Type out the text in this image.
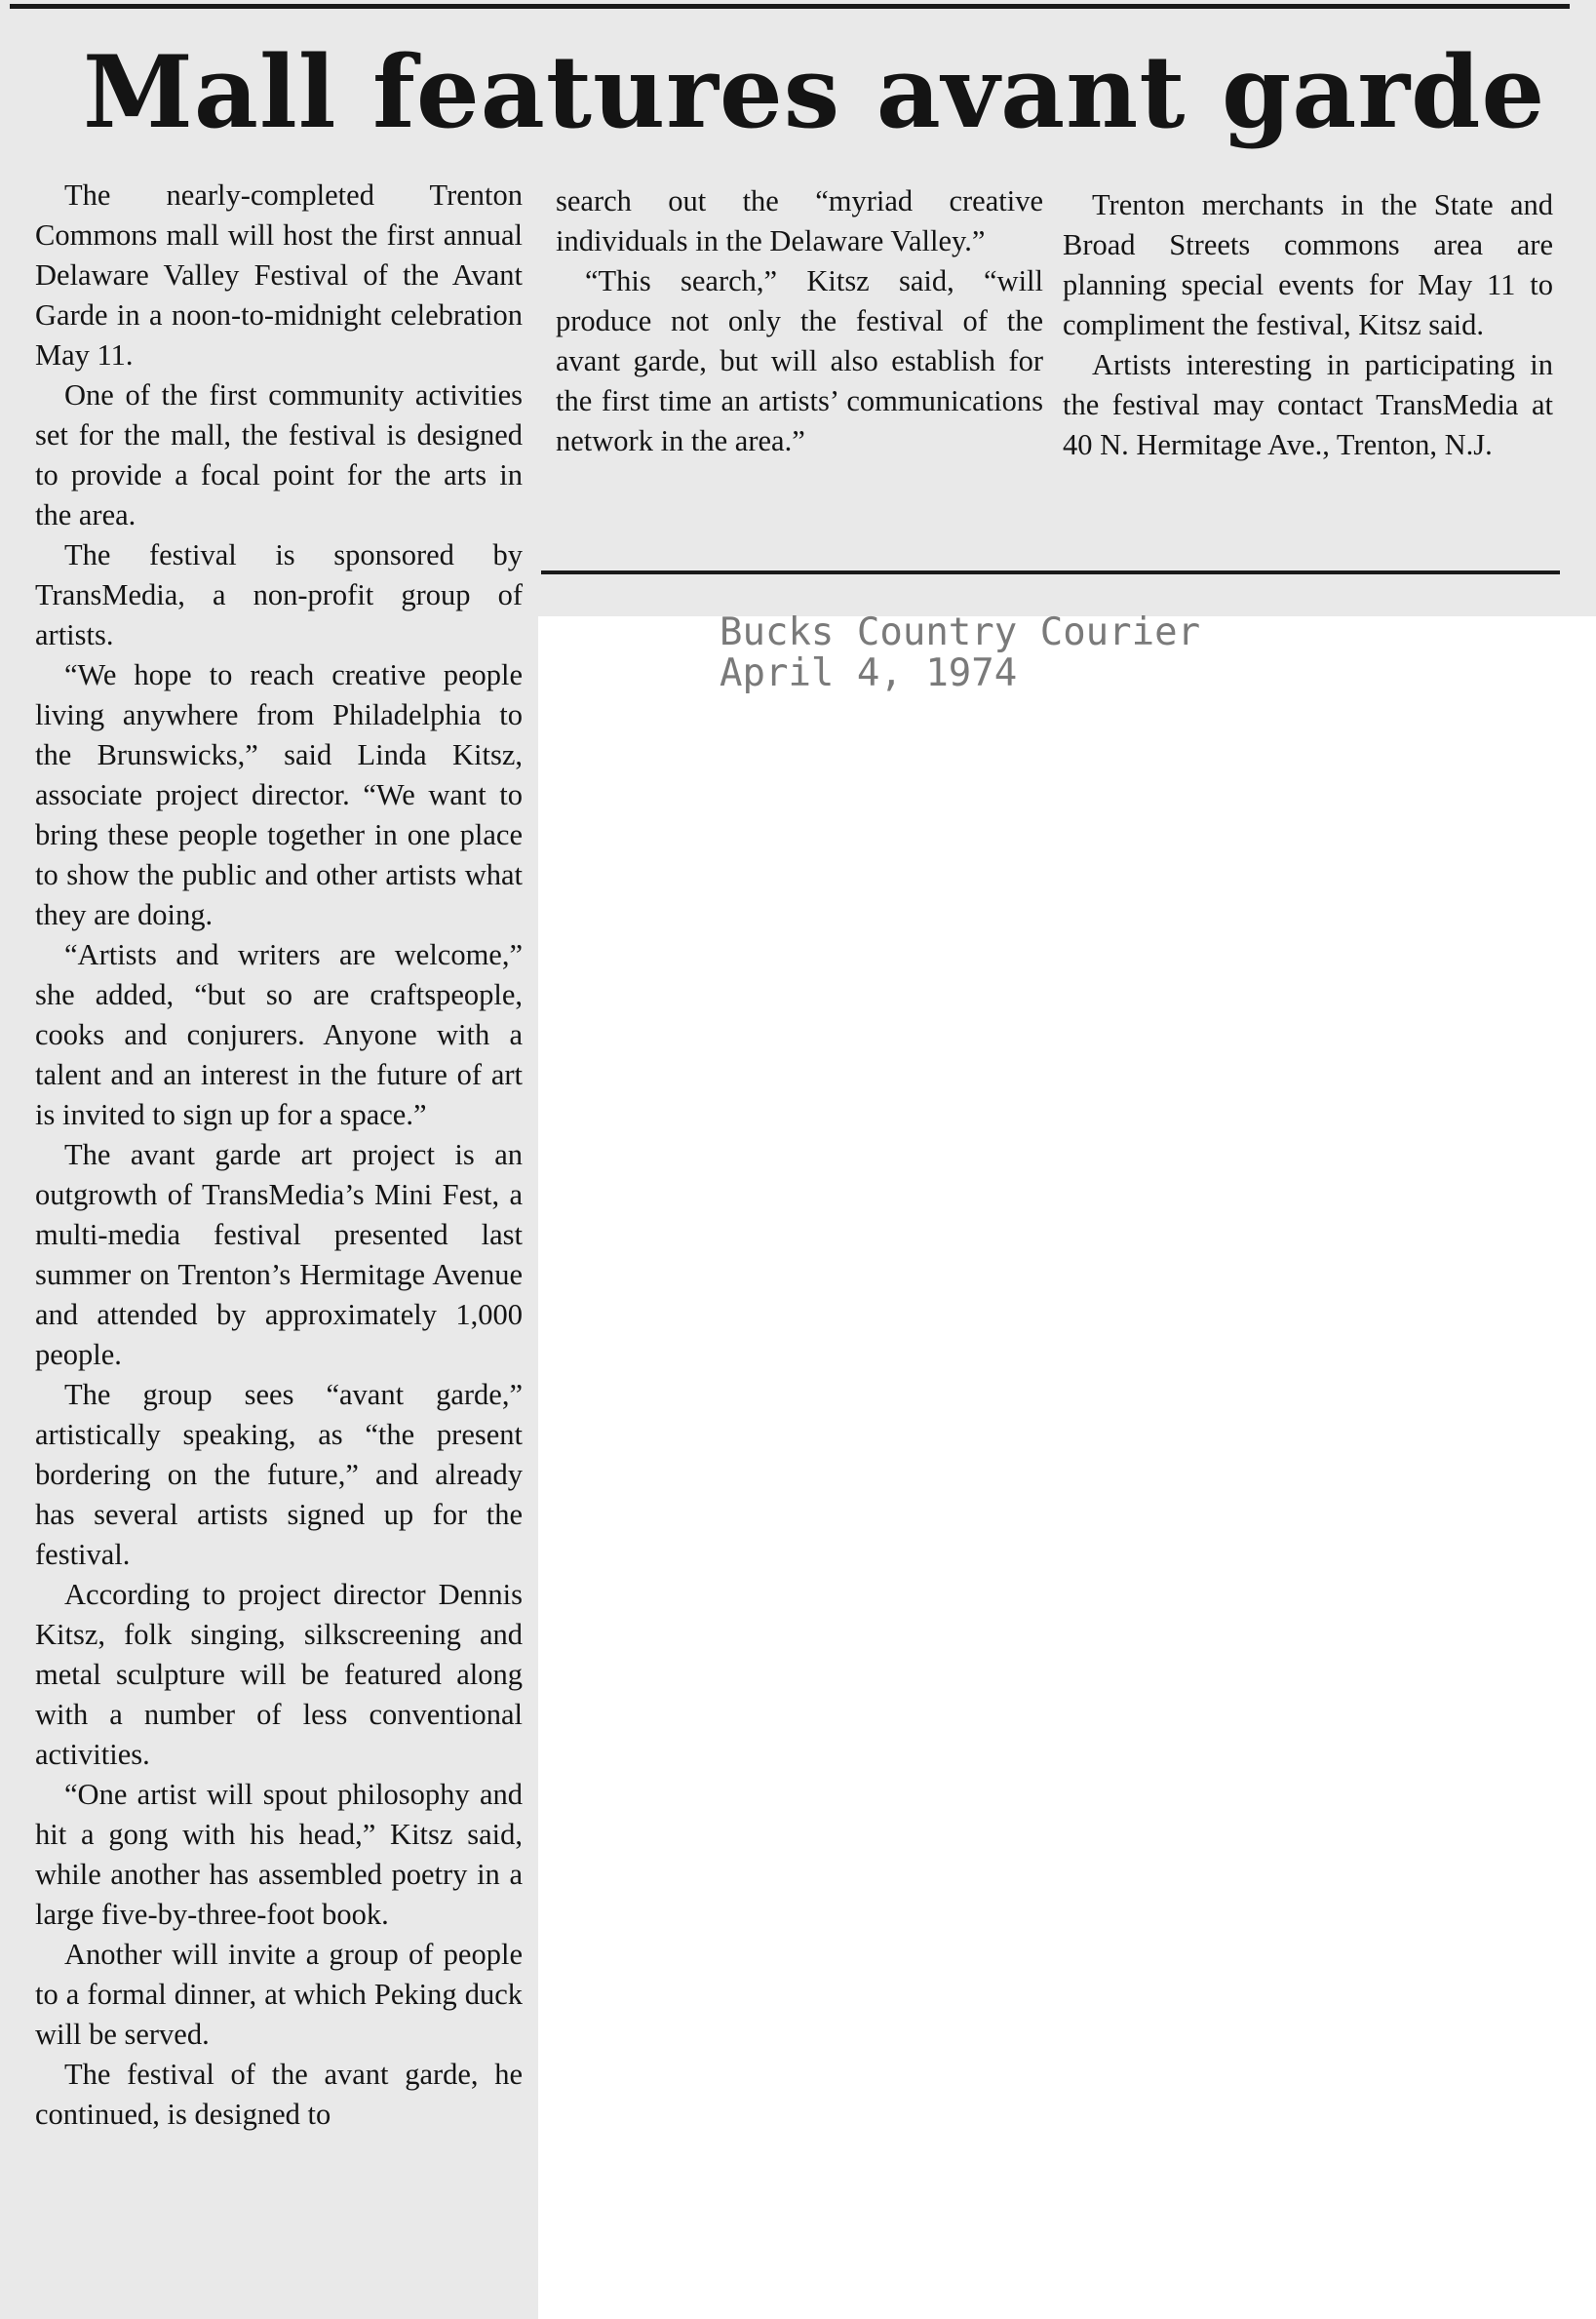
Mall features avant garde

The nearly-completed Trenton Commons mall will host the first annual Delaware Valley Festival of the Avant Garde in a noon-to-midnight celebration May 11.

One of the first community activities set for the mall, the festival is designed to provide a focal point for the arts in the area.

The festival is sponsored by TransMedia, a non-profit group of artists.

“We hope to reach creative people living anywhere from Philadelphia to the Brunswicks,” said Linda Kitsz, associate project director. “We want to bring these people together in one place to show the public and other artists what they are doing.

“Artists and writers are welcome,” she added, “but so are craftspeople, cooks and conjurers. Anyone with a talent and an interest in the future of art is invited to sign up for a space.”

The avant garde art project is an outgrowth of TransMedia’s Mini Fest, a multi-media festival presented last summer on Trenton’s Hermitage Avenue and attended by approximately 1,000 people.

The group sees “avant garde,” artistically speaking, as “the present bordering on the future,” and already has several artists signed up for the festival.

According to project director Dennis Kitsz, folk singing, silkscreening and metal sculpture will be featured along with a number of less conventional activities.

“One artist will spout philosophy and hit a gong with his head,” Kitsz said, while another has assembled poetry in a large five-by-three-foot book.

Another will invite a group of people to a formal dinner, at which Peking duck will be served.

The festival of the avant garde, he continued, is designed to

search out the “myriad creative individuals in the Delaware Valley.”

“This search,” Kitsz said, “will produce not only the festival of the avant garde, but will also establish for the first time an artists’ communications network in the area.”

Trenton merchants in the State and Broad Streets commons area are planning special events for May 11 to compliment the festival, Kitsz said.

Artists interesting in participating in the festival may contact TransMedia at 40 N. Hermitage Ave., Trenton, N.J.

Bucks Country Courier
April 4, 1974
